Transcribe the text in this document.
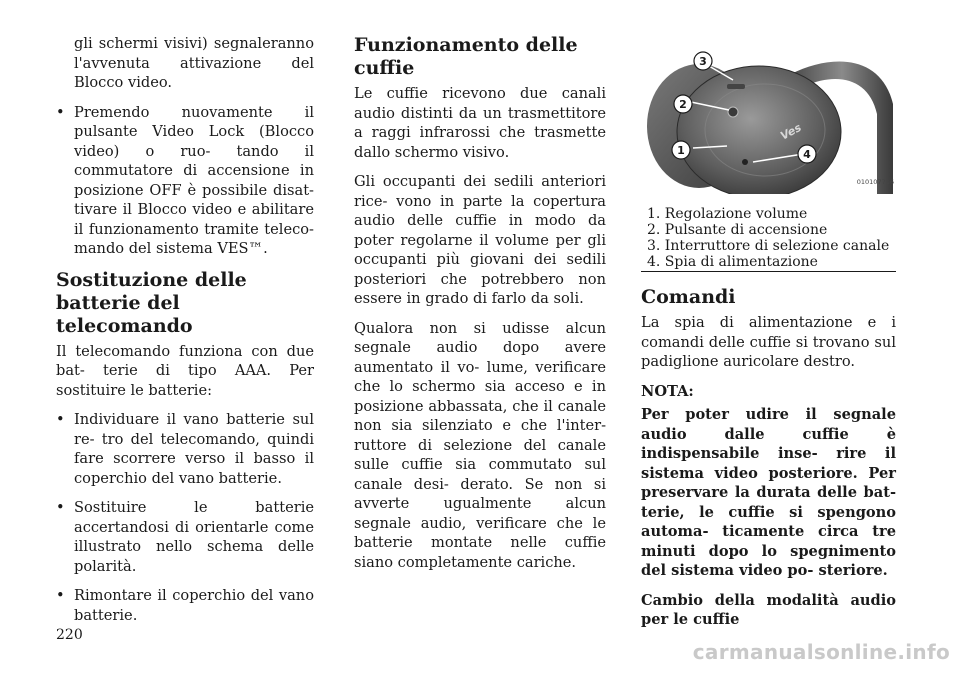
gli schermi visivi) segnaleranno l'avvenuta attivazione del Blocco video.

• Premendo nuovamente il pulsante Video Lock (Blocco video) o ruo- tando il commutatore di accensione in posizione OFF è possibile disat- tivare il Blocco video e abilitare il funzionamento tramite teleco- mando del sistema VES™.
Sostituzione delle batterie del telecomando

Il telecomando funziona con due bat- terie di tipo AAA. Per sostituire le batterie:

• Individuare il vano batterie sul re- tro del telecomando, quindi fare scorrere verso il basso il coperchio del vano batterie.
• Sostituire le batterie accertandosi di orientarle come illustrato nello schema delle polarità.
• Rimontare il coperchio del vano batterie.
Funzionamento delle cuffie

Le cuffie ricevono due canali audio distinti da un trasmettitore a raggi infrarossi che trasmette dallo schermo visivo.

Gli occupanti dei sedili anteriori rice- vono in parte la copertura audio delle cuffie in modo da poter regolarne il volume per gli occupanti più giovani dei sedili posteriori che potrebbero non essere in grado di farlo da soli.

Qualora non si udisse alcun segnale audio dopo avere aumentato il vo- lume, verificare che lo schermo sia acceso e in posizione abbassata, che il canale non sia silenziato e che l'inter- ruttore di selezione del canale sulle cuffie sia commutato sul canale desi- derato. Se non si avverte ugualmente alcun segnale audio, verificare che le batterie montate nelle cuffie siano completamente cariche.

3
2
1	4
Ves
010107716
1. Regolazione volume
2. Pulsante di accensione
3. Interruttore di selezione canale
4. Spia di alimentazione
Comandi

La spia di alimentazione e i comandi delle cuffie si trovano sul padiglione auricolare destro.

NOTA:

Per poter udire il segnale audio dalle cuffie è indispensabile inse- rire il sistema video posteriore. Per preservare la durata delle bat- terie, le cuffie si spengono automa- ticamente circa tre minuti dopo lo spegnimento del sistema video po- steriore.

Cambio della modalità audio per le cuffie

220
carmanualsonline.info
